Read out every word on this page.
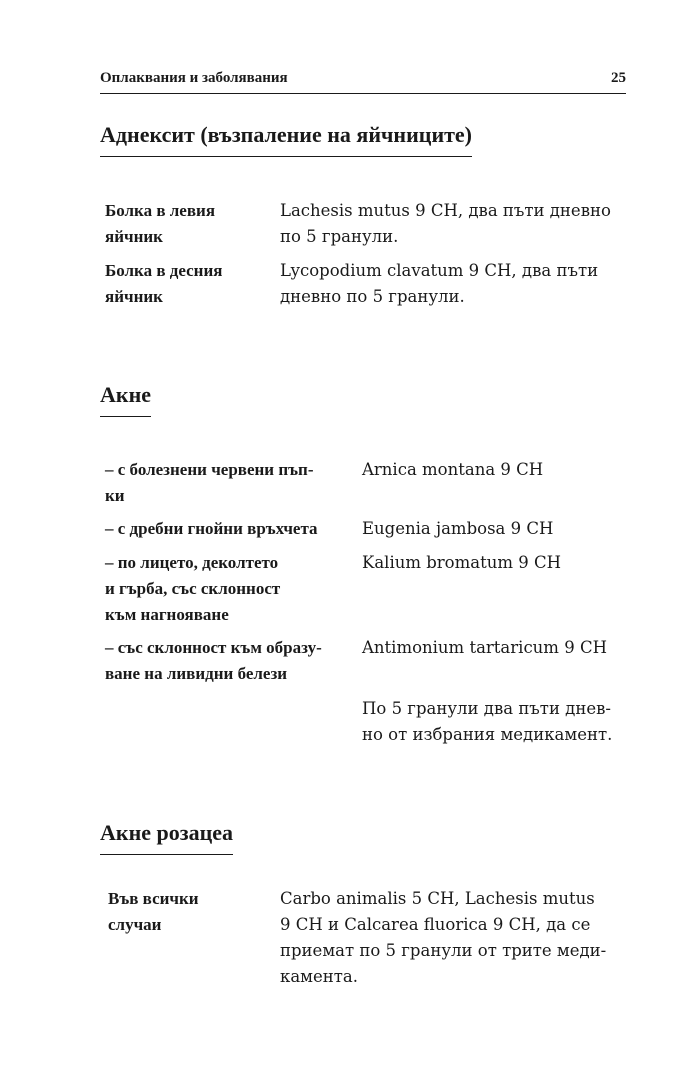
Оплаквания и заболявания	25
Аднексит (възпаление на яйчниците)
Болка в левия
яйчник
Lachesis mutus 9 CH, два пъти дневно
по 5 гранули.
Болка в десния
яйчник
Lycopodium clavatum 9 CH, два пъти
дневно по 5 гранули.
Акне
– с болезнени червени пъп-
ки
Arnica montana 9 CH
– с дребни гнойни връхчета	Eugenia jambosa 9 CH
– по лицето, деколтето
и гърба, със склонност
към нагнояване
Kalium bromatum 9 CH
– със склонност към образу-
ване на ливидни белези
Antimonium tartaricum 9 CH
По 5 гранули два пъти днев-
но от избрания медикамент.
Акне розацеа
Във всички
случаи
Carbo animalis 5 CH, Lachesis mutus
9 CH и Calcarea fluorica 9 CH, да се
приемат по 5 гранули от трите меди-
камента.
